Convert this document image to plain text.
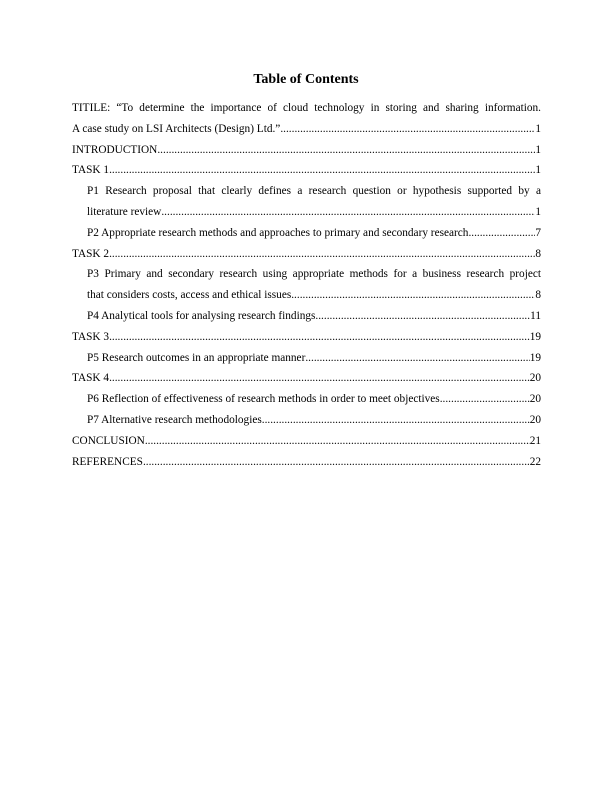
Table of Contents
TITILE: “To determine the importance of cloud technology in storing and sharing information.
A case study on LSI Architects (Design) Ltd.” .....	1
INTRODUCTION .....	1
TASK 1 .....	1
P1 Research proposal that clearly defines a research question or hypothesis supported by a
literature review .....	1
P2 Appropriate research methods and approaches to primary and secondary research .....	7
TASK 2 .....	8
P3 Primary and secondary research using appropriate methods for a business research project
that considers costs, access and ethical issues .....	8
P4 Analytical tools for analysing research findings .....	11
TASK 3 .....	19
P5 Research outcomes in an appropriate manner .....	19
TASK 4 .....	20
P6 Reflection of effectiveness of research methods in order to meet objectives .....	20
P7 Alternative research methodologies .....	20
CONCLUSION .....	21
REFERENCES .....	22
